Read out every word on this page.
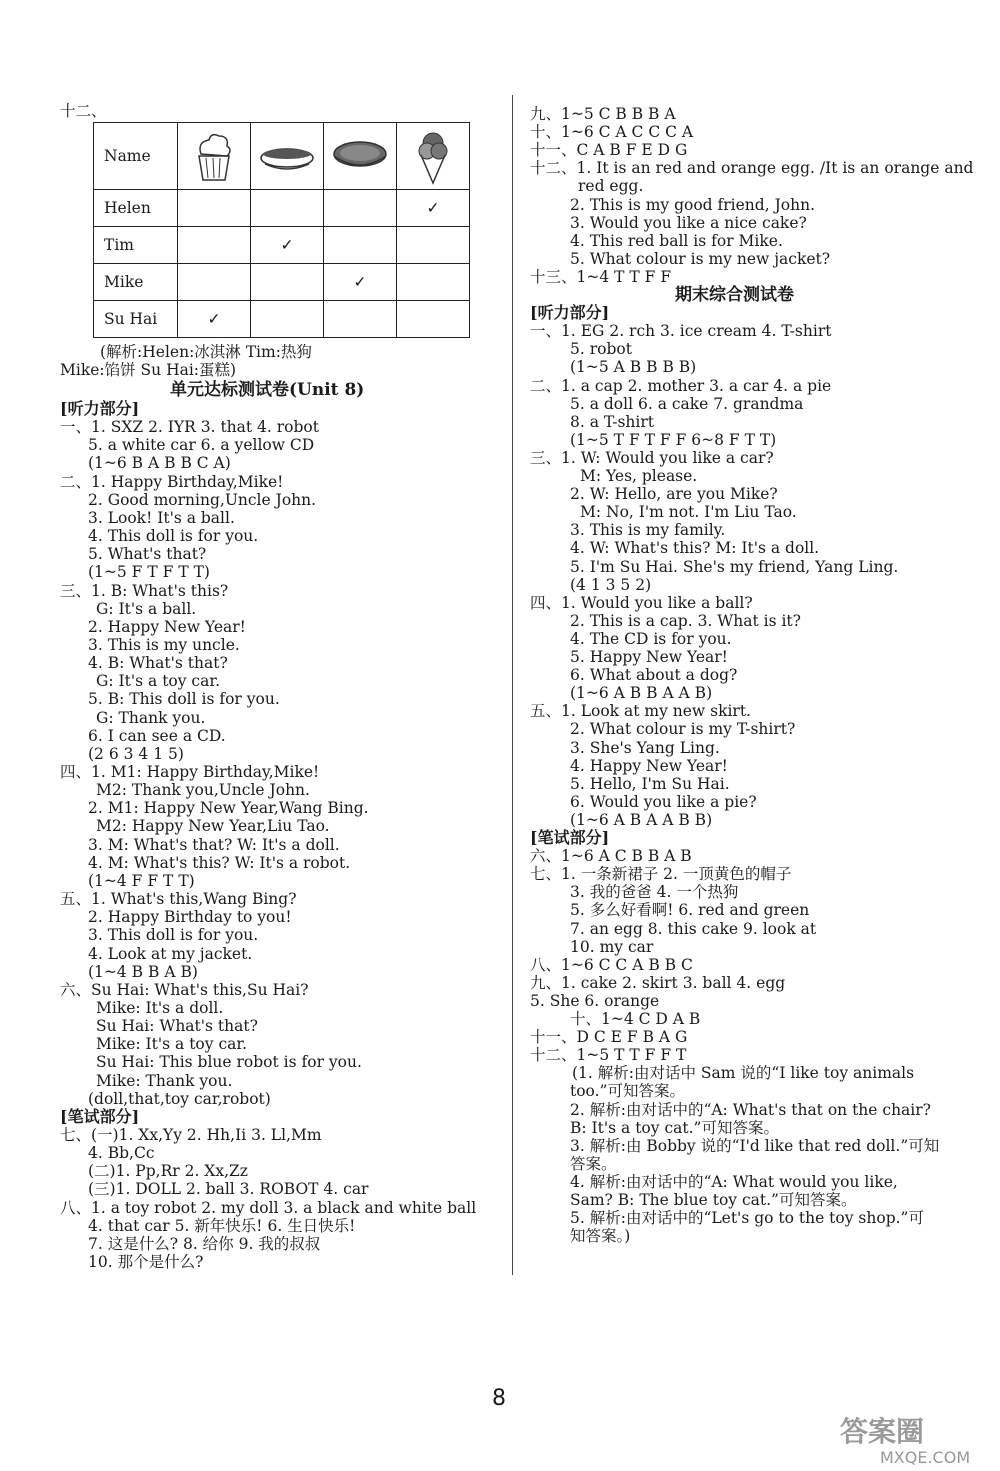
十二、
Name	

Helen				✓
Tim		✓		
Mike			✓	
Su Hai	✓			
(解析:Helen:冰淇淋 Tim:热狗
Mike:馅饼 Su Hai:蛋糕)
单元达标测试卷(Unit 8)
[听力部分]
一、1. SXZ 2. IYR 3. that 4. robot
5. a white car 6. a yellow CD
(1~6 B A B B C A)
二、1. Happy Birthday,Mike!
2. Good morning,Uncle John.
3. Look! It's a ball.
4. This doll is for you.
5. What's that?
(1~5 F T F T T)
三、1. B: What's this?
G: It's a ball.
2. Happy New Year!
3. This is my uncle.
4. B: What's that?
G: It's a toy car.
5. B: This doll is for you.
G: Thank you.
6. I can see a CD.
(2 6 3 4 1 5)
四、1. M1: Happy Birthday,Mike!
M2: Thank you,Uncle John.
2. M1: Happy New Year,Wang Bing.
M2: Happy New Year,Liu Tao.
3. M: What's that? W: It's a doll.
4. M: What's this? W: It's a robot.
(1~4 F F T T)
五、1. What's this,Wang Bing?
2. Happy Birthday to you!
3. This doll is for you.
4. Look at my jacket.
(1~4 B B A B)
六、Su Hai: What's this,Su Hai?
Mike: It's a doll.
Su Hai: What's that?
Mike: It's a toy car.
Su Hai: This blue robot is for you.
Mike: Thank you.
(doll,that,toy car,robot)
[笔试部分]
七、(一)1. Xx,Yy 2. Hh,Ii 3. Ll,Mm
4. Bb,Cc
(二)1. Pp,Rr 2. Xx,Zz
(三)1. DOLL 2. ball 3. ROBOT 4. car
八、1. a toy robot 2. my doll 3. a black and white ball
4. that car 5. 新年快乐! 6. 生日快乐!
7. 这是什么? 8. 给你 9. 我的叔叔
10. 那个是什么?
九、1~5 C B B B A
十、1~6 C A C C C A
十一、C A B F E D G
十二、1. It is an red and orange egg. /It is an orange and
red egg.
2. This is my good friend, John.
3. Would you like a nice cake?
4. This red ball is for Mike.
5. What colour is my new jacket?
十三、1~4 T T F F
期末综合测试卷
[听力部分]
一、1. EG 2. rch 3. ice cream 4. T-shirt
5. robot
(1~5 A B B B B)
二、1. a cap 2. mother 3. a car 4. a pie
5. a doll 6. a cake 7. grandma
8. a T-shirt
(1~5 T F T F F 6~8 F T T)
三、1. W: Would you like a car?
M: Yes, please.
2. W: Hello, are you Mike?
M: No, I'm not. I'm Liu Tao.
3. This is my family.
4. W: What's this? M: It's a doll.
5. I'm Su Hai. She's my friend, Yang Ling.
(4 1 3 5 2)
四、1. Would you like a ball?
2. This is a cap. 3. What is it?
4. The CD is for you.
5. Happy New Year!
6. What about a dog?
(1~6 A B B A A B)
五、1. Look at my new skirt.
2. What colour is my T-shirt?
3. She's Yang Ling.
4. Happy New Year!
5. Hello, I'm Su Hai.
6. Would you like a pie?
(1~6 A B A A B B)
[笔试部分]
六、1~6 A C B B A B
七、1. 一条新裙子 2. 一顶黄色的帽子
3. 我的爸爸 4. 一个热狗
5. 多么好看啊! 6. red and green
7. an egg 8. this cake 9. look at
10. my car
八、1~6 C C A B B C
九、1. cake 2. skirt 3. ball 4. egg
5. She 6. orange
十、1~4 C D A B
十一、D C E F B A G
十二、1~5 T T F F T
(1. 解析:由对话中 Sam 说的“I like toy animals
too.”可知答案。
2. 解析:由对话中的“A: What's that on the chair?
B: It's a toy cat.”可知答案。
3. 解析:由 Bobby 说的“I'd like that red doll.”可知
答案。
4. 解析:由对话中的“A: What would you like,
Sam? B: The blue toy cat.”可知答案。
5. 解析:由对话中的“Let's go to the toy shop.”可
知答案。)
8
答案圈
MXQE.COM
